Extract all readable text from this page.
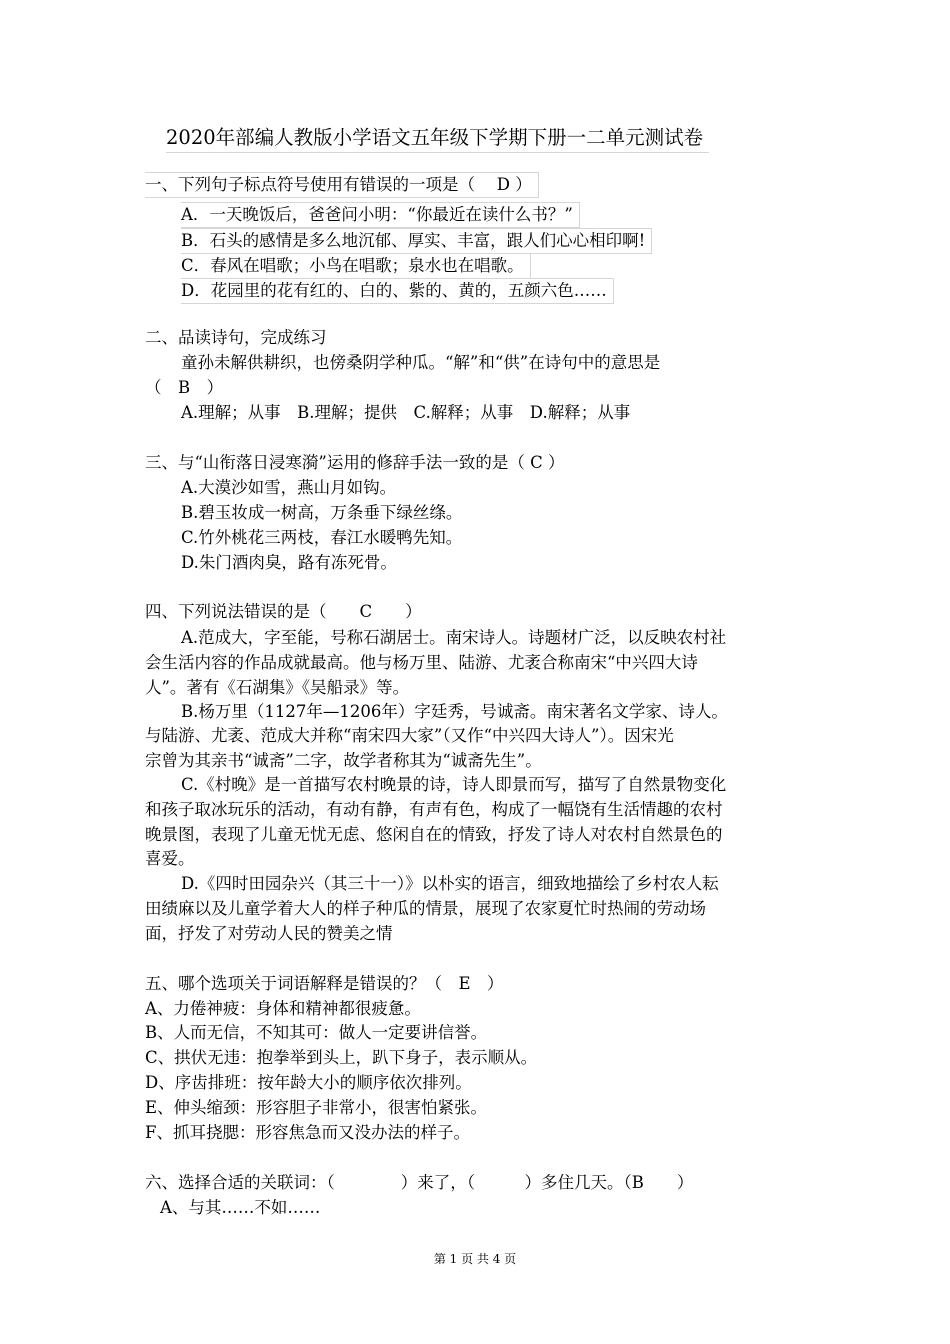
2020年部编人教版小学语文五年级下学期下册一二单元测试卷
一、下列句子标点符号使用有错误的一项是（　 D ）
A．一天晚饭后，爸爸问小明：“你最近在读什么书？”
B．石头的感情是多么地沉郁、厚实、丰富，跟人们心心相印啊!
C．春风在唱歌；小鸟在唱歌；泉水也在唱歌。
D．花园里的花有红的、白的、紫的、黄的，五颜六色……
二、品读诗句，完成练习
童孙未解供耕织，也傍桑阴学种瓜。“解”和“供”在诗句中的意思是
（　B　）
A.理解；从事　B.理解；提供　C.解释；从事　D.解释；从事
三、与“山衔落日浸寒漪”运用的修辞手法一致的是（ C ）
A.大漠沙如雪，燕山月如钩。
B.碧玉妆成一树高，万条垂下绿丝绦。
C.竹外桃花三两枝，春江水暖鸭先知。
D.朱门酒肉臭，路有冻死骨。
四、下列说法错误的是（　　C　　）
A.范成大，字至能，号称石湖居士。南宋诗人。诗题材广泛，以反映农村社
会生活内容的作品成就最高。他与杨万里、陆游、尤袤合称南宋“中兴四大诗
人”。著有《石湖集》《吴船录》等。
B.杨万里（1127年—1206年）字廷秀，号诚斋。南宋著名文学家、诗人。
与陆游、尤袤、范成大并称“南宋四大家”（又作“中兴四大诗人”）。因宋光
宗曾为其亲书“诚斋”二字，故学者称其为“诚斋先生”。
C.《村晚》是一首描写农村晚景的诗，诗人即景而写，描写了自然景物变化
和孩子取冰玩乐的活动，有动有静，有声有色，构成了一幅饶有生活情趣的农村
晚景图，表现了儿童无忧无虑、悠闲自在的情致，抒发了诗人对农村自然景色的
喜爱。
D.《四时田园杂兴（其三十一）》以朴实的语言，细致地描绘了乡村农人耘
田绩麻以及儿童学着大人的样子种瓜的情景，展现了农家夏忙时热闹的劳动场
面，抒发了对劳动人民的赞美之情
五、哪个选项关于词语解释是错误的？（　E　）
A、力倦神疲：身体和精神都很疲惫。
B、人而无信，不知其可：做人一定要讲信誉。
C、拱伏无违：抱拳举到头上，趴下身子，表示顺从。
D、序齿排班：按年龄大小的顺序依次排列。
E、伸头缩颈：形容胆子非常小，很害怕紧张。
F、抓耳挠腮：形容焦急而又没办法的样子。
六、选择合适的关联词：（　　　　）来了，（　　　）多住几天。（B　　）
A、与其……不如……
第 1 页 共 4 页
